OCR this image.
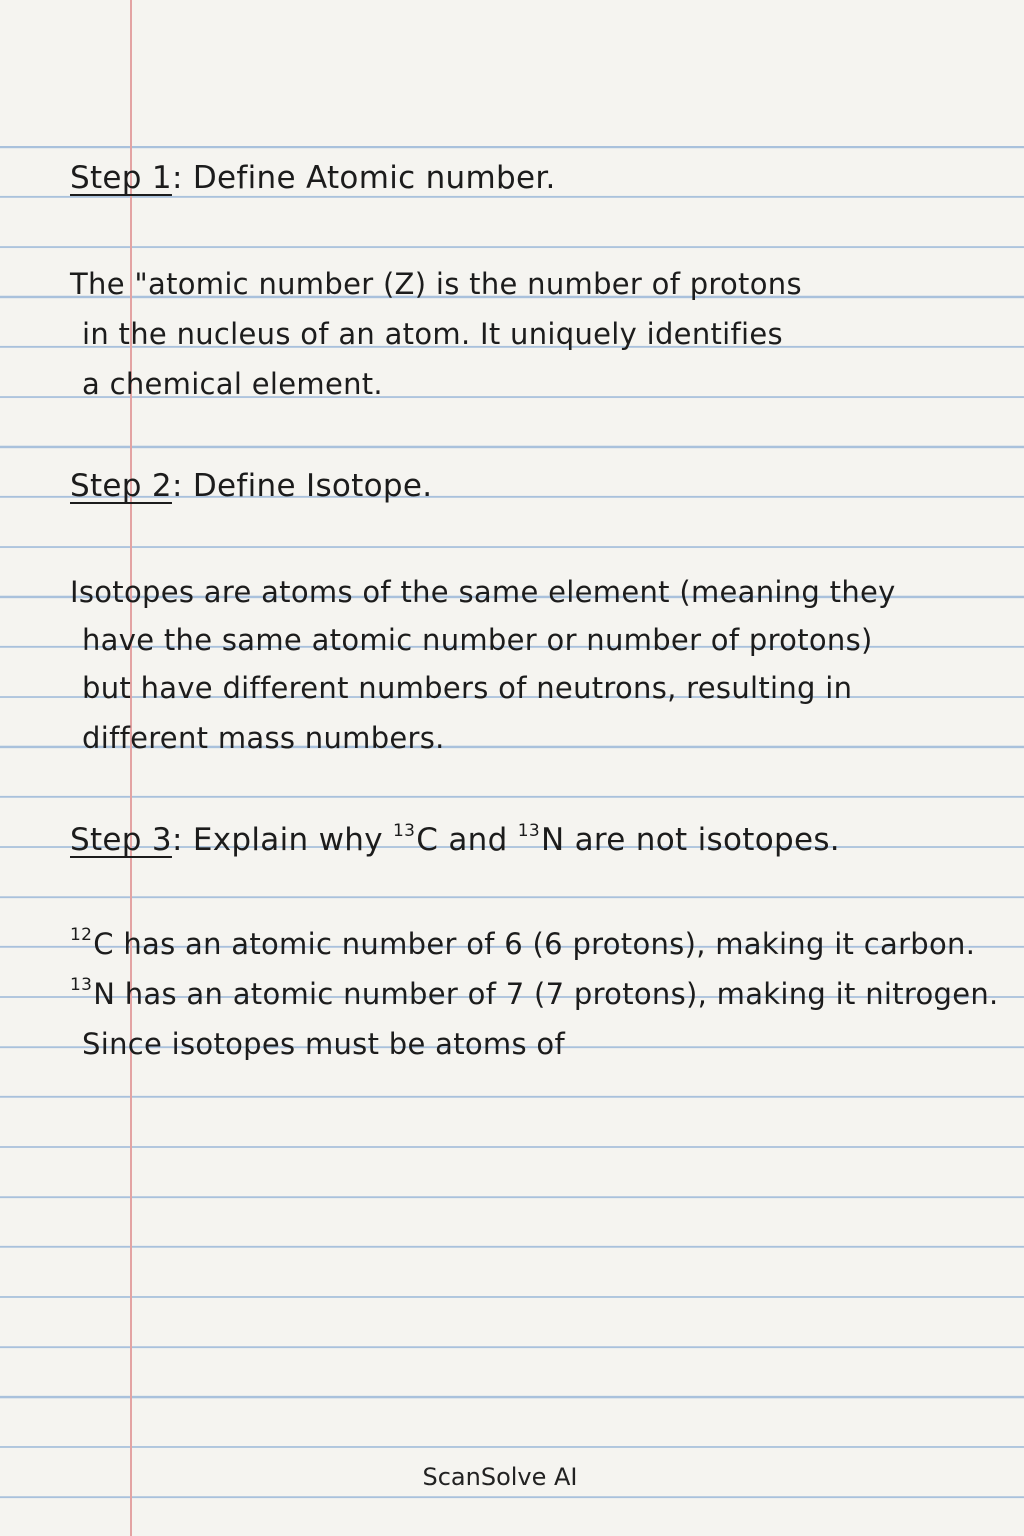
Step 1: Define Atomic number.

The "atomic number (Z) is the number of protons

in the nucleus of an atom. It uniquely identifies

a chemical element.

Step 2: Define Isotope.

Isotopes are atoms of the same element (meaning they

have the same atomic number or number of protons)

but have different numbers of neutrons, resulting in

different mass numbers.

Step 3: Explain why $^{13}$C and $^{13}$N are not isotopes.

$^{12}$C has an atomic number of 6 (6 protons), making it carbon.

$^{13}$N has an atomic number of 7 (7 protons), making it nitrogen.

Since isotopes must be atoms of

ScanSolve AI
